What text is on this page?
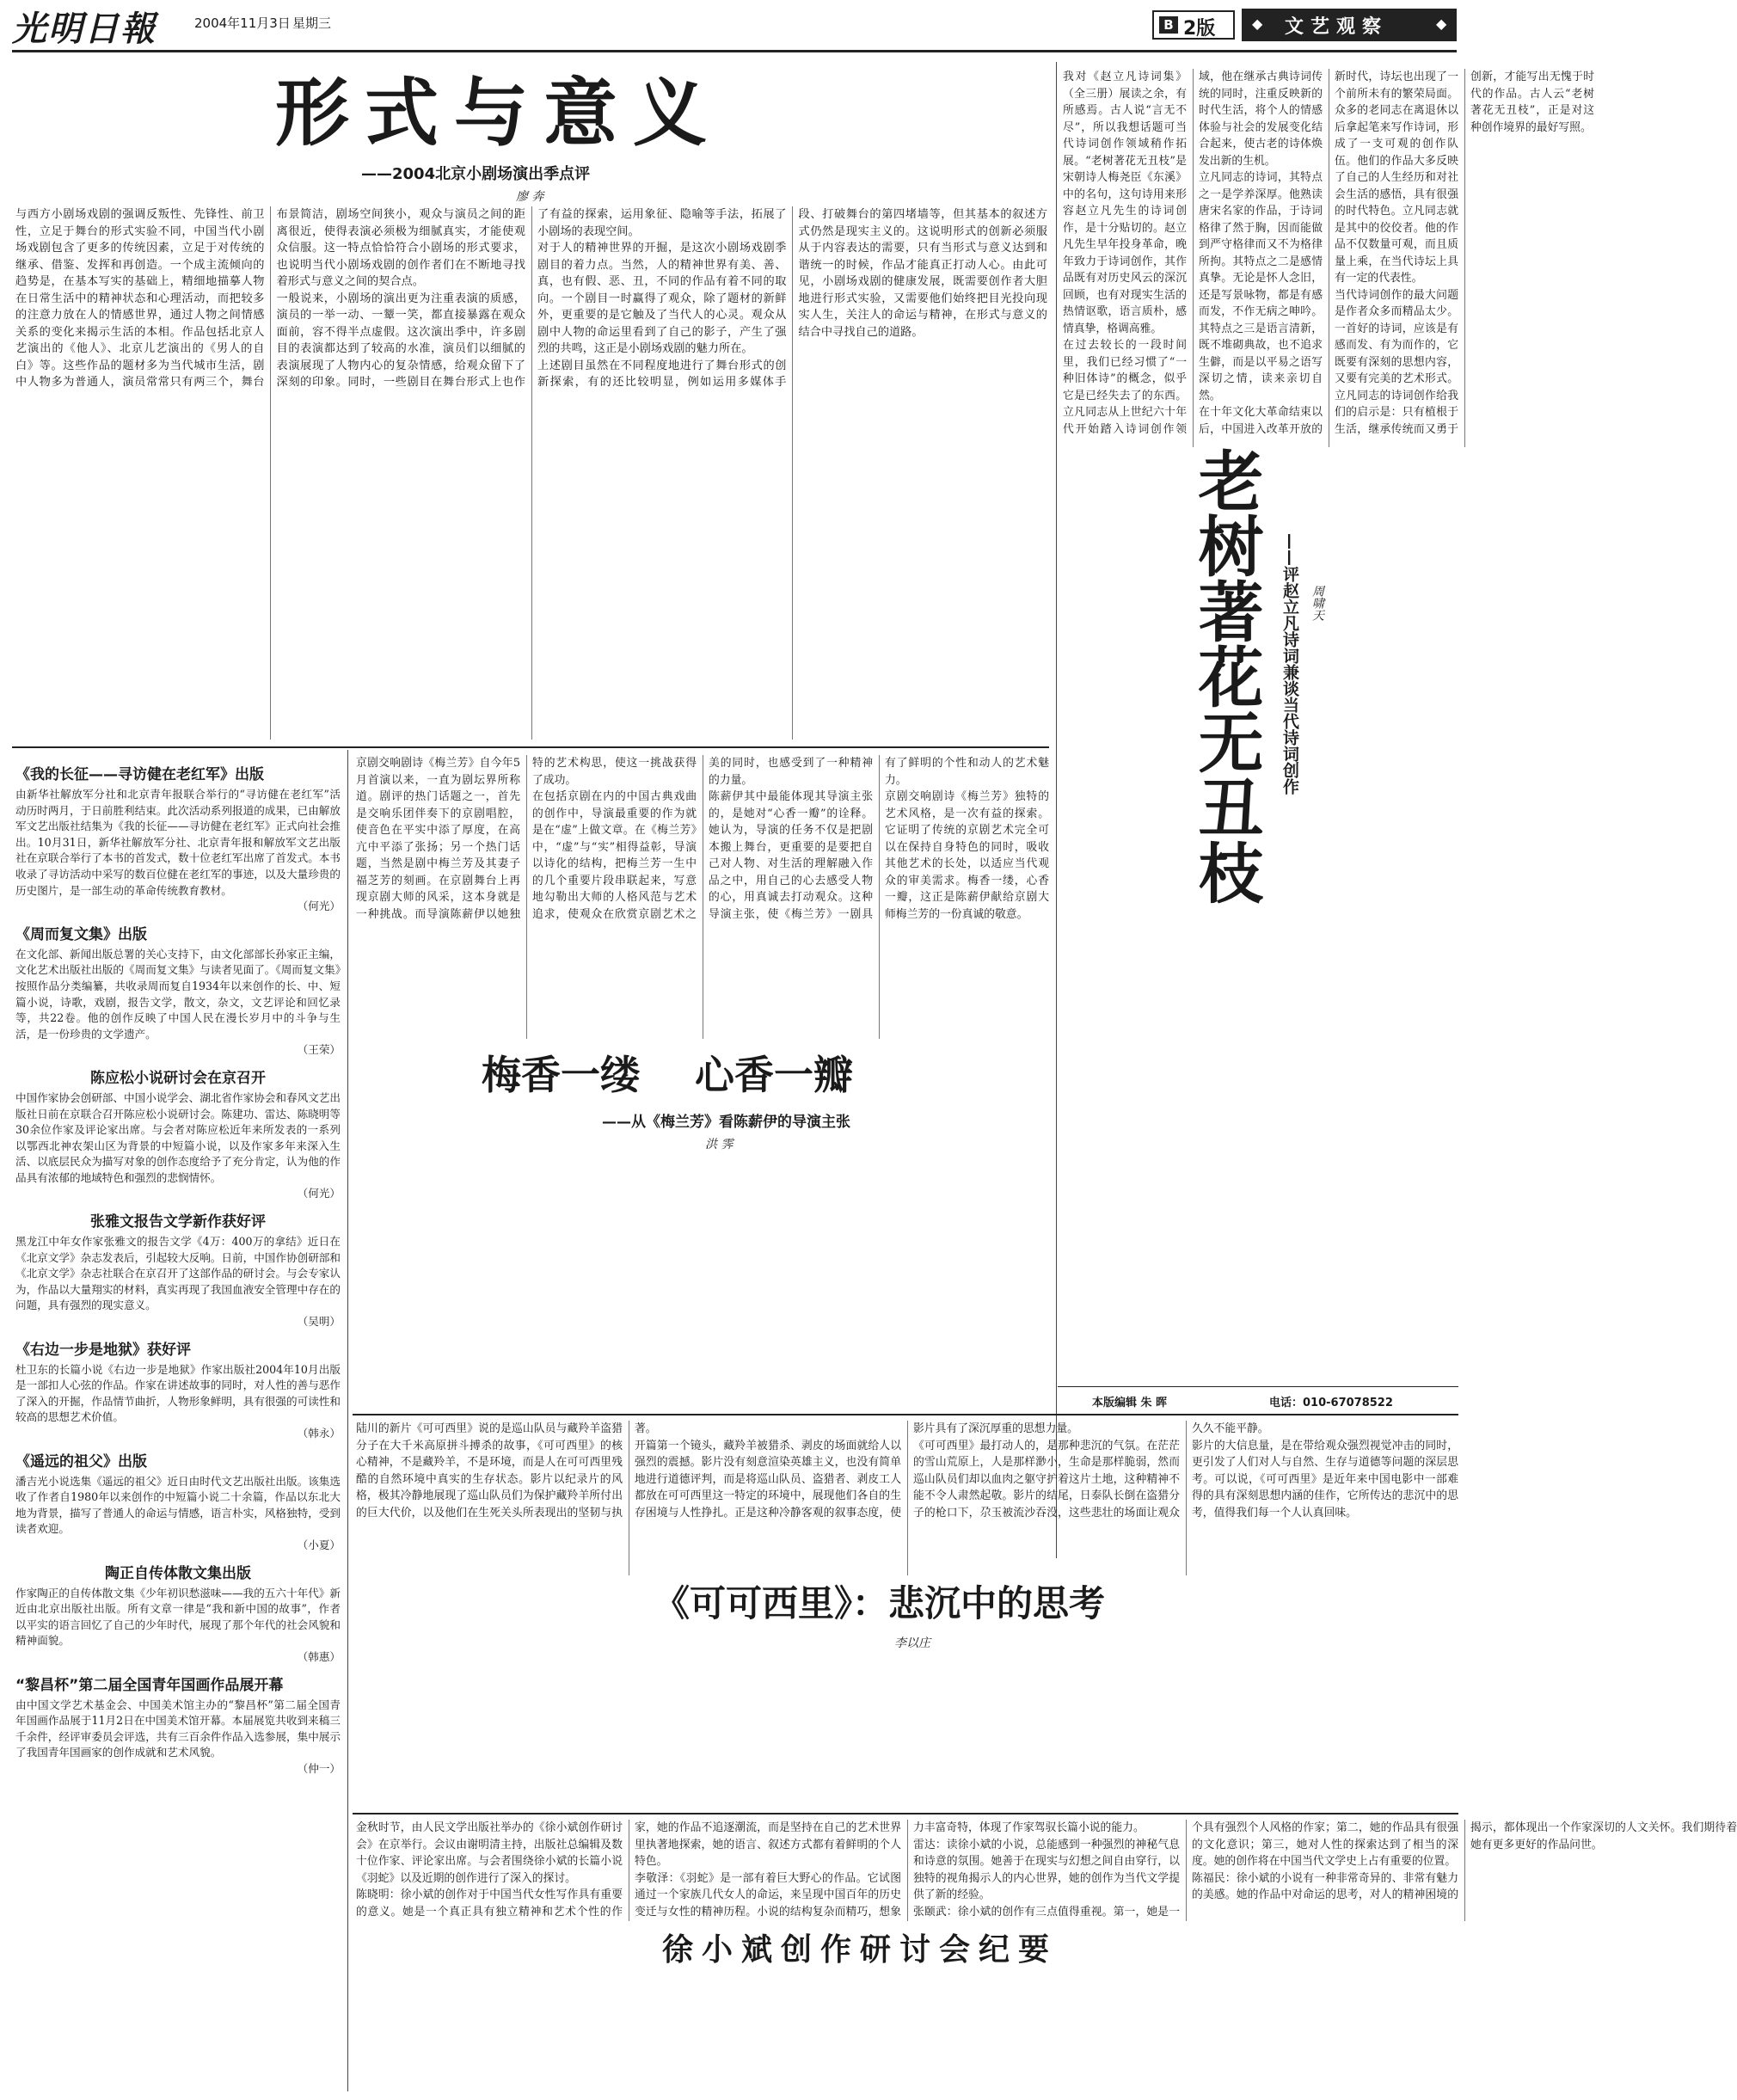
光明日報	2004年11月3日 星期三	B 2版	◆ 文艺观察	◆
形式与意义
——2004北京小剧场演出季点评
廖 奔
与西方小剧场戏剧的强调反叛性、先锋性、前卫性，立足于舞台的形式实验不同，中国当代小剧场戏剧包含了更多的传统因素，立足于对传统的继承、借鉴、发挥和再创造。一个成主流倾向的趋势是，在基本写实的基础上，精细地描摹人物在日常生活中的精神状态和心理活动，而把较多的注意力放在人的情感世界，通过人物之间情感关系的变化来揭示生活的本相。作品包括北京人艺演出的《他人》、北京儿艺演出的《男人的自白》等。这些作品的题材多为当代城市生活，剧中人物多为普通人，演员常常只有两三个，舞台布景简洁，剧场空间狭小，观众与演员之间的距离很近，使得表演必须极为细腻真实，才能使观众信服。这一特点恰恰符合小剧场的形式要求，也说明当代小剧场戏剧的创作者们在不断地寻找着形式与意义之间的契合点。
一般说来，小剧场的演出更为注重表演的质感，演员的一举一动、一颦一笑，都直接暴露在观众面前，容不得半点虚假。这次演出季中，许多剧目的表演都达到了较高的水准，演员们以细腻的表演展现了人物内心的复杂情感，给观众留下了深刻的印象。同时，一些剧目在舞台形式上也作了有益的探索，运用象征、隐喻等手法，拓展了小剧场的表现空间。
对于人的精神世界的开掘，是这次小剧场戏剧季剧目的着力点。当然，人的精神世界有美、善、真，也有假、恶、丑，不同的作品有着不同的取向。一个剧目一时赢得了观众，除了题材的新鲜外，更重要的是它触及了当代人的心灵。观众从剧中人物的命运里看到了自己的影子，产生了强烈的共鸣，这正是小剧场戏剧的魅力所在。
上述剧目虽然在不同程度地进行了舞台形式的创新探索，有的还比较明显，例如运用多媒体手段、打破舞台的第四堵墙等，但其基本的叙述方式仍然是现实主义的。这说明形式的创新必须服从于内容表达的需要，只有当形式与意义达到和谐统一的时候，作品才能真正打动人心。由此可见，小剧场戏剧的健康发展，既需要创作者大胆地进行形式实验，又需要他们始终把目光投向现实人生，关注人的命运与精神，在形式与意义的结合中寻找自己的道路。
老树著花无丑枝	——评赵立凡诗词兼谈当代诗词创作 周啸天
我对《赵立凡诗词集》（全三册）展读之余，有所感焉。古人说“言无不尽”，所以我想话题可当代诗词创作领域稍作拓展。“老树著花无丑枝”是宋朝诗人梅尧臣《东溪》中的名句，这句诗用来形容赵立凡先生的诗词创作，是十分贴切的。赵立凡先生早年投身革命，晚年致力于诗词创作，其作品既有对历史风云的深沉回顾，也有对现实生活的热情讴歌，语言质朴，感情真挚，格调高雅。
在过去较长的一段时间里，我们已经习惯了“一种旧体诗”的概念，似乎它是已经失去了的东西。立凡同志从上世纪六十年代开始踏入诗词创作领域，他在继承古典诗词传统的同时，注重反映新的时代生活，将个人的情感体验与社会的发展变化结合起来，使古老的诗体焕发出新的生机。
立凡同志的诗词，其特点之一是学养深厚。他熟读唐宋名家的作品，于诗词格律了然于胸，因而能做到严守格律而又不为格律所拘。其特点之二是感情真挚。无论是怀人念旧，还是写景咏物，都是有感而发，不作无病之呻吟。其特点之三是语言清新，既不堆砌典故，也不追求生僻，而是以平易之语写深切之情，读来亲切自然。
在十年文化大革命结束以后，中国进入改革开放的新时代，诗坛也出现了一个前所未有的繁荣局面。众多的老同志在离退休以后拿起笔来写作诗词，形成了一支可观的创作队伍。他们的作品大多反映了自己的人生经历和对社会生活的感悟，具有很强的时代特色。立凡同志就是其中的佼佼者。他的作品不仅数量可观，而且质量上乘，在当代诗坛上具有一定的代表性。
当代诗词创作的最大问题是作者众多而精品太少。一首好的诗词，应该是有感而发、有为而作的，它既要有深刻的思想内容，又要有完美的艺术形式。立凡同志的诗词创作给我们的启示是：只有植根于生活，继承传统而又勇于创新，才能写出无愧于时代的作品。古人云“老树著花无丑枝”，正是对这种创作境界的最好写照。
本版编辑 朱 晖	电话：010-67078522
《我的长征——寻访健在老红军》出版

由新华社解放军分社和北京青年报联合举行的“寻访健在老红军”活动历时两月，于日前胜利结束。此次活动系列报道的成果，已由解放军文艺出版社结集为《我的长征——寻访健在老红军》正式向社会推出。10月31日，新华社解放军分社、北京青年报和解放军文艺出版社在京联合举行了本书的首发式，数十位老红军出席了首发式。本书收录了寻访活动中采写的数百位健在老红军的事迹，以及大量珍贵的历史图片，是一部生动的革命传统教育教材。

（何光）

《周而复文集》出版

在文化部、新闻出版总署的关心支持下，由文化部部长孙家正主编，文化艺术出版社出版的《周而复文集》与读者见面了。《周而复文集》按照作品分类编纂，共收录周而复自1934年以来创作的长、中、短篇小说，诗歌，戏剧，报告文学，散文，杂文，文艺评论和回忆录等，共22卷。他的创作反映了中国人民在漫长岁月中的斗争与生活，是一份珍贵的文学遗产。

（王荣）

陈应松小说研讨会在京召开

中国作家协会创研部、中国小说学会、湖北省作家协会和春风文艺出版社日前在京联合召开陈应松小说研讨会。陈建功、雷达、陈晓明等30余位作家及评论家出席。与会者对陈应松近年来所发表的一系列以鄂西北神农架山区为背景的中短篇小说，以及作家多年来深入生活、以底层民众为描写对象的创作态度给予了充分肯定，认为他的作品具有浓郁的地域特色和强烈的悲悯情怀。

（何光）

张雅文报告文学新作获好评

黑龙江中年女作家张雅文的报告文学《4万：400万的拿结》近日在《北京文学》杂志发表后，引起较大反响。日前，中国作协创研部和《北京文学》杂志社联合在京召开了这部作品的研讨会。与会专家认为，作品以大量翔实的材料，真实再现了我国血液安全管理中存在的问题，具有强烈的现实意义。

（吴明）

《右边一步是地狱》获好评

杜卫东的长篇小说《右边一步是地狱》作家出版社2004年10月出版是一部扣人心弦的作品。作家在讲述故事的同时，对人性的善与恶作了深入的开掘，作品情节曲折，人物形象鲜明，具有很强的可读性和较高的思想艺术价值。

（韩永）

《遥远的祖父》出版

潘吉光小说选集《遥远的祖父》近日由时代文艺出版社出版。该集选收了作者自1980年以来创作的中短篇小说二十余篇，作品以东北大地为背景，描写了普通人的命运与情感，语言朴实，风格独特，受到读者欢迎。

（小夏）

陶正自传体散文集出版

作家陶正的自传体散文集《少年初识愁滋味——我的五六十年代》新近由北京出版社出版。所有文章一律是“我和新中国的故事”，作者以平实的语言回忆了自己的少年时代，展现了那个年代的社会风貌和精神面貌。

（韩惠）

“黎昌杯”第二届全国青年国画作品展开幕

由中国文学艺术基金会、中国美术馆主办的“黎昌杯”第二届全国青年国画作品展于11月2日在中国美术馆开幕。本届展览共收到来稿三千余件，经评审委员会评选，共有三百余件作品入选参展，集中展示了我国青年国画家的创作成就和艺术风貌。

（仲一）

梅香一缕    心香一瓣
——从《梅兰芳》看陈薪伊的导演主张
洪 霁
京剧交响剧诗《梅兰芳》自今年5月首演以来，一直为剧坛界所称道。剧评的热门话题之一，首先是交响乐团伴奏下的京剧唱腔，使音色在平实中添了厚度，在高亢中平添了张扬；另一个热门话题，当然是剧中梅兰芳及其妻子福芝芳的刻画。在京剧舞台上再现京剧大师的风采，这本身就是一种挑战。而导演陈薪伊以她独特的艺术构思，使这一挑战获得了成功。
在包括京剧在内的中国古典戏曲的创作中，导演最重要的作为就是在“虚”上做文章。在《梅兰芳》中，“虚”与“实”相得益彰，导演以诗化的结构，把梅兰芳一生中的几个重要片段串联起来，写意地勾勒出大师的人格风范与艺术追求，使观众在欣赏京剧艺术之美的同时，也感受到了一种精神的力量。
陈薪伊其中最能体现其导演主张的，是她对“心香一瓣”的诠释。她认为，导演的任务不仅是把剧本搬上舞台，更重要的是要把自己对人物、对生活的理解融入作品之中，用自己的心去感受人物的心，用真诚去打动观众。这种导演主张，使《梅兰芳》一剧具有了鲜明的个性和动人的艺术魅力。
京剧交响剧诗《梅兰芳》独特的艺术风格，是一次有益的探索。它证明了传统的京剧艺术完全可以在保持自身特色的同时，吸收其他艺术的长处，以适应当代观众的审美需求。梅香一缕，心香一瓣，这正是陈薪伊献给京剧大师梅兰芳的一份真诚的敬意。
《可可西里》：悲沉中的思考
李以庄
陆川的新片《可可西里》说的是巡山队员与藏羚羊盗猎分子在大千米高原拼斗搏杀的故事，《可可西里》的核心精神，不是藏羚羊，不是环境，而是人在可可西里残酷的自然环境中真实的生存状态。影片以纪录片的风格，极其冷静地展现了巡山队员们为保护藏羚羊所付出的巨大代价，以及他们在生死关头所表现出的坚韧与执著。
开篇第一个镜头，藏羚羊被猎杀、剥皮的场面就给人以强烈的震撼。影片没有刻意渲染英雄主义，也没有简单地进行道德评判，而是将巡山队员、盗猎者、剥皮工人都放在可可西里这一特定的环境中，展现他们各自的生存困境与人性挣扎。正是这种冷静客观的叙事态度，使影片具有了深沉厚重的思想力量。
《可可西里》最打动人的，是那种悲沉的气氛。在茫茫的雪山荒原上，人是那样渺小，生命是那样脆弱，然而巡山队员们却以血肉之躯守护着这片土地，这种精神不能不令人肃然起敬。影片的结尾，日泰队长倒在盗猎分子的枪口下，尕玉被流沙吞没，这些悲壮的场面让观众久久不能平静。
影片的大信息量，是在带给观众强烈视觉冲击的同时，更引发了人们对人与自然、生存与道德等问题的深层思考。可以说，《可可西里》是近年来中国电影中一部难得的具有深刻思想内涵的佳作，它所传达的悲沉中的思考，值得我们每一个人认真回味。
徐小斌创作研讨会纪要
金秋时节，由人民文学出版社举办的《徐小斌创作研讨会》在京举行。会议由谢明清主持，出版社总编辑及数十位作家、评论家出席。与会者围绕徐小斌的长篇小说《羽蛇》以及近期的创作进行了深入的探讨。
陈晓明：徐小斌的创作对于中国当代女性写作具有重要的意义。她是一个真正具有独立精神和艺术个性的作家，她的作品不追逐潮流，而是坚持在自己的艺术世界里执著地探索，她的语言、叙述方式都有着鲜明的个人特色。
李敬泽：《羽蛇》是一部有着巨大野心的作品。它试图通过一个家族几代女人的命运，来呈现中国百年的历史变迁与女性的精神历程。小说的结构复杂而精巧，想象力丰富奇特，体现了作家驾驭长篇小说的能力。
雷达：读徐小斌的小说，总能感到一种强烈的神秘气息和诗意的氛围。她善于在现实与幻想之间自由穿行，以独特的视角揭示人的内心世界，她的创作为当代文学提供了新的经验。
张颐武：徐小斌的创作有三点值得重视。第一，她是一个具有强烈个人风格的作家；第二，她的作品具有很强的文化意识；第三，她对人性的探索达到了相当的深度。她的创作将在中国当代文学史上占有重要的位置。
陈福民：徐小斌的小说有一种非常奇异的、非常有魅力的美感。她的作品中对命运的思考，对人的精神困境的揭示，都体现出一个作家深切的人文关怀。我们期待着她有更多更好的作品问世。
